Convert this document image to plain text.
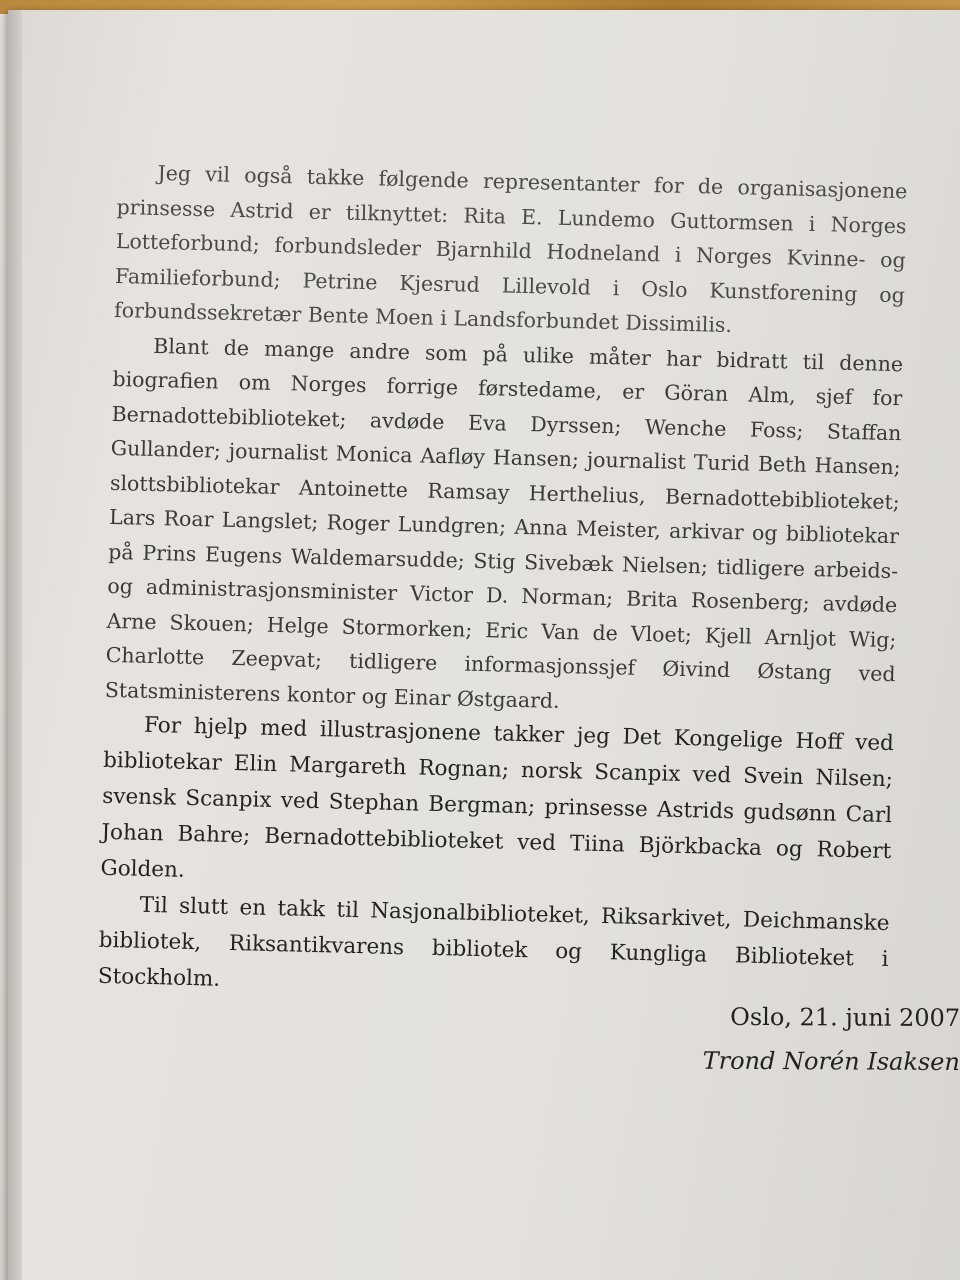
Jeg vil også takke følgende representanter for de organisasjonene prinsesse Astrid er tilknyttet: Rita E. Lundemo Guttormsen i Norges Lotteforbund; forbundsleder Bjarnhild Hodneland i Norges Kvinne- og Familieforbund; Petrine Kjesrud Lillevold i Oslo Kunstforening og forbundssekretær Bente Moen i Landsforbundet Dissimilis.

Blant de mange andre som på ulike måter har bidratt til denne biografien om Norges forrige førstedame, er Göran Alm, sjef for Bernadottebiblioteket; avdøde Eva Dyrssen; Wenche Foss; Staffan Gullander; journalist Monica Aafløy Hansen; journalist Turid Beth Hansen; slottsbibliotekar Antoinette Ramsay Herthelius, Bernadottebiblioteket; Lars Roar Langslet; Roger Lundgren; Anna Meister, arkivar og bibliotekar på Prins Eugens Waldemarsudde; Stig Sivebæk Nielsen; tidligere arbeids- og administrasjonsminister Victor D. Norman; Brita Rosenberg; avdøde Arne Skouen; Helge Stormorken; Eric Van de Vloet; Kjell Arnljot Wig; Charlotte Zeepvat; tidligere informasjonssjef Øivind Østang ved Statsministerens kontor og Einar Østgaard.

For hjelp med illustrasjonene takker jeg Det Kongelige Hoff ved bibliotekar Elin Margareth Rognan; norsk Scanpix ved Svein Nilsen; svensk Scanpix ved Stephan Bergman; prinsesse Astrids gudsønn Carl Johan Bahre; Bernadottebiblioteket ved Tiina Björkbacka og Robert Golden.

Til slutt en takk til Nasjonalbiblioteket, Riksarkivet, Deichmanske bibliotek, Riksantikvarens bibliotek og Kungliga Biblioteket i Stockholm.

Oslo, 21. juni 2007
Trond Norén Isaksen
